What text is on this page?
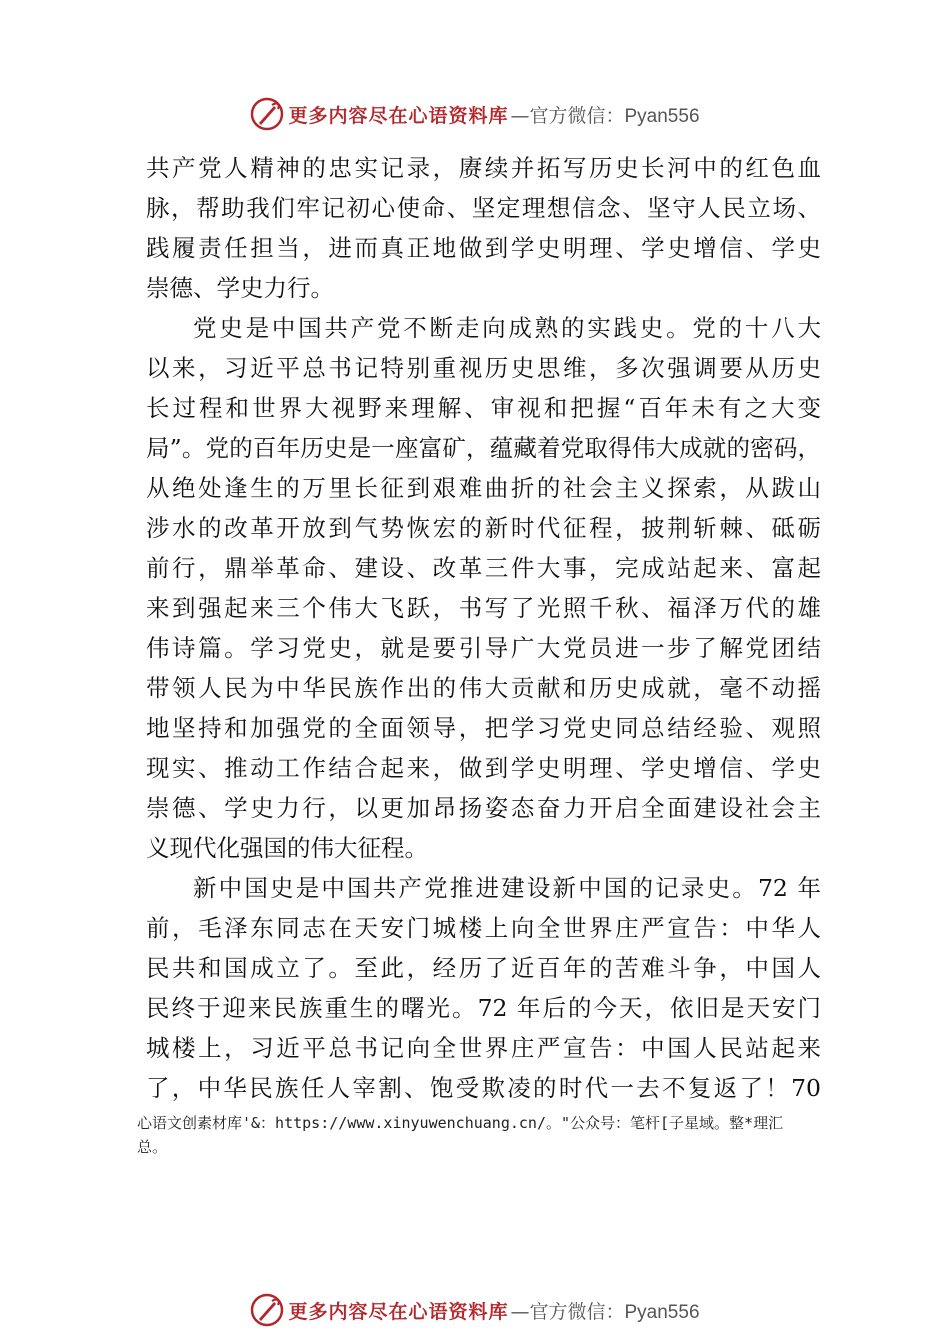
更多内容尽在心语资料库 —官方微信：Pyan556
共产党人精神的忠实记录，赓续并拓写历史长河中的红色血
脉，帮助我们牢记初心使命、坚定理想信念、坚守人民立场、
践履责任担当，进而真正地做到学史明理、学史增信、学史
崇德、学史力行。
党史是中国共产党不断走向成熟的实践史。党的十八大
以来，习近平总书记特别重视历史思维，多次强调要从历史
长过程和世界大视野来理解、审视和把握“百年未有之大变
局”。党的百年历史是一座富矿，蕴藏着党取得伟大成就的密码，
从绝处逢生的万里长征到艰难曲折的社会主义探索，从跋山
涉水的改革开放到气势恢宏的新时代征程，披荆斩棘、砥砺
前行，鼎举革命、建设、改革三件大事，完成站起来、富起
来到强起来三个伟大飞跃，书写了光照千秋、福泽万代的雄
伟诗篇。学习党史，就是要引导广大党员进一步了解党团结
带领人民为中华民族作出的伟大贡献和历史成就，毫不动摇
地坚持和加强党的全面领导，把学习党史同总结经验、观照
现实、推动工作结合起来，做到学史明理、学史增信、学史
崇德、学史力行，以更加昂扬姿态奋力开启全面建设社会主
义现代化强国的伟大征程。
新中国史是中国共产党推进建设新中国的记录史。72 年
前，毛泽东同志在天安门城楼上向全世界庄严宣告：中华人
民共和国成立了。至此，经历了近百年的苦难斗争，中国人
民终于迎来民族重生的曙光。72 年后的今天，依旧是天安门
城楼上，习近平总书记向全世界庄严宣告：中国人民站起来
了，中华民族任人宰割、饱受欺凌的时代一去不复返了！70
心语文创素材库'&：https://www.xinyuwenchuang.cn/。"公众号：笔杆[子星域。整*理汇
总。
更多内容尽在心语资料库 —官方微信：Pyan556
